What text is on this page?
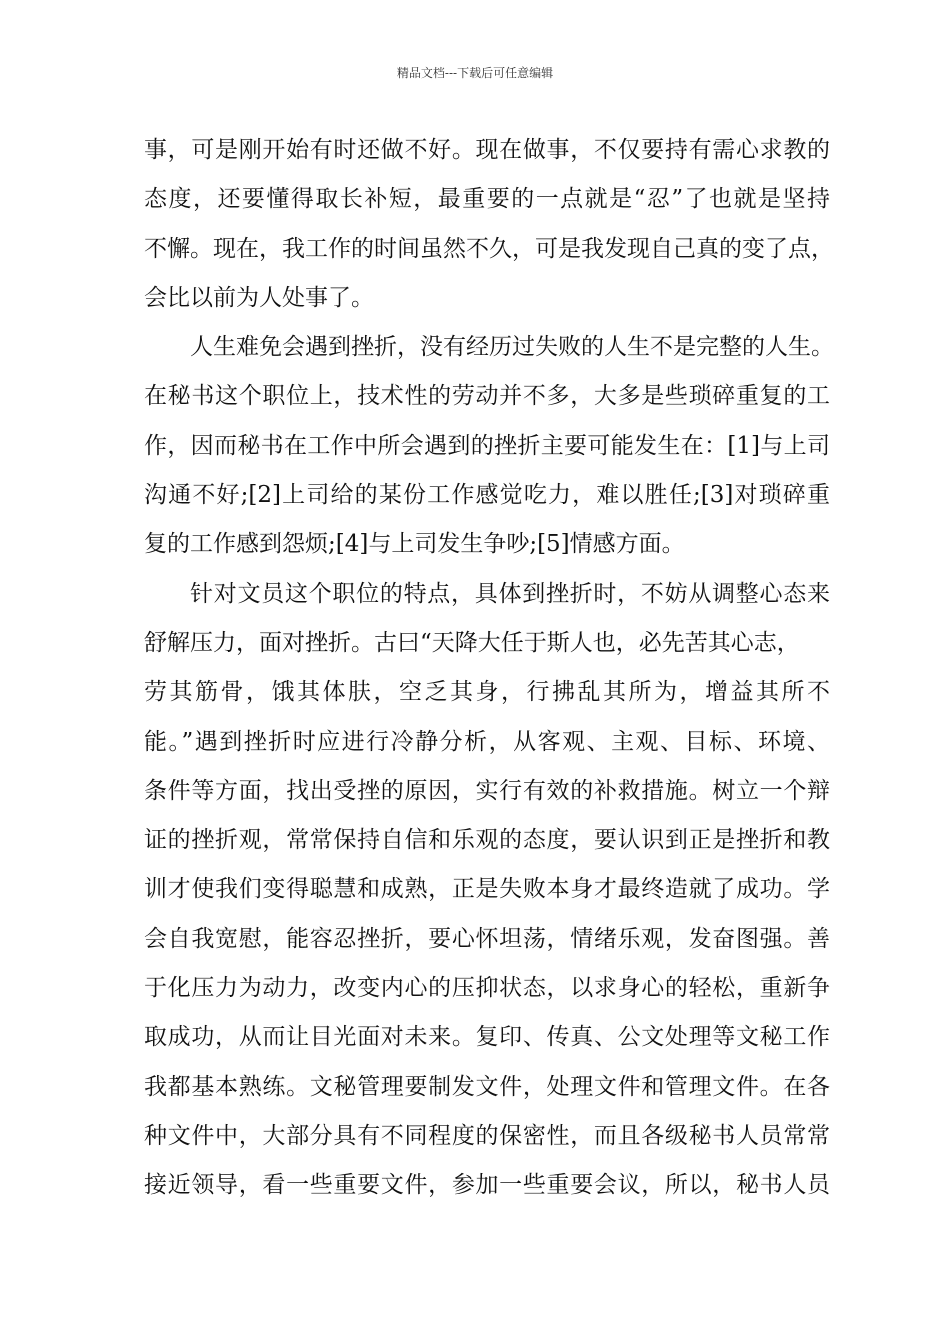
精品文档---下载后可任意编辑
事，可是刚开始有时还做不好。现在做事，不仅要持有需心求教的
态度，还要懂得取长补短，最重要的一点就是“忍”了也就是坚持
不懈。现在，我工作的时间虽然不久，可是我发现自己真的变了点，
会比以前为人处事了。
人生难免会遇到挫折，没有经历过失败的人生不是完整的人生。
在秘书这个职位上，技术性的劳动并不多，大多是些琐碎重复的工
作，因而秘书在工作中所会遇到的挫折主要可能发生在：[1]与上司
沟通不好;[2]上司给的某份工作感觉吃力，难以胜任;[3]对琐碎重
复的工作感到怨烦;[4]与上司发生争吵;[5]情感方面。
针对文员这个职位的特点，具体到挫折时，不妨从调整心态来
舒解压力，面对挫折。古曰“天降大任于斯人也，必先苦其心志，
劳其筋骨，饿其体肤，空乏其身，行拂乱其所为，增益其所不
能。”遇到挫折时应进行冷静分析，从客观、主观、目标、环境、
条件等方面，找出受挫的原因，实行有效的补救措施。树立一个辩
证的挫折观，常常保持自信和乐观的态度，要认识到正是挫折和教
训才使我们变得聪慧和成熟，正是失败本身才最终造就了成功。学
会自我宽慰，能容忍挫折，要心怀坦荡，情绪乐观，发奋图强。善
于化压力为动力，改变内心的压抑状态，以求身心的轻松，重新争
取成功，从而让目光面对未来。复印、传真、公文处理等文秘工作
我都基本熟练。文秘管理要制发文件，处理文件和管理文件。在各
种文件中，大部分具有不同程度的保密性，而且各级秘书人员常常
接近领导，看一些重要文件，参加一些重要会议，所以，秘书人员
